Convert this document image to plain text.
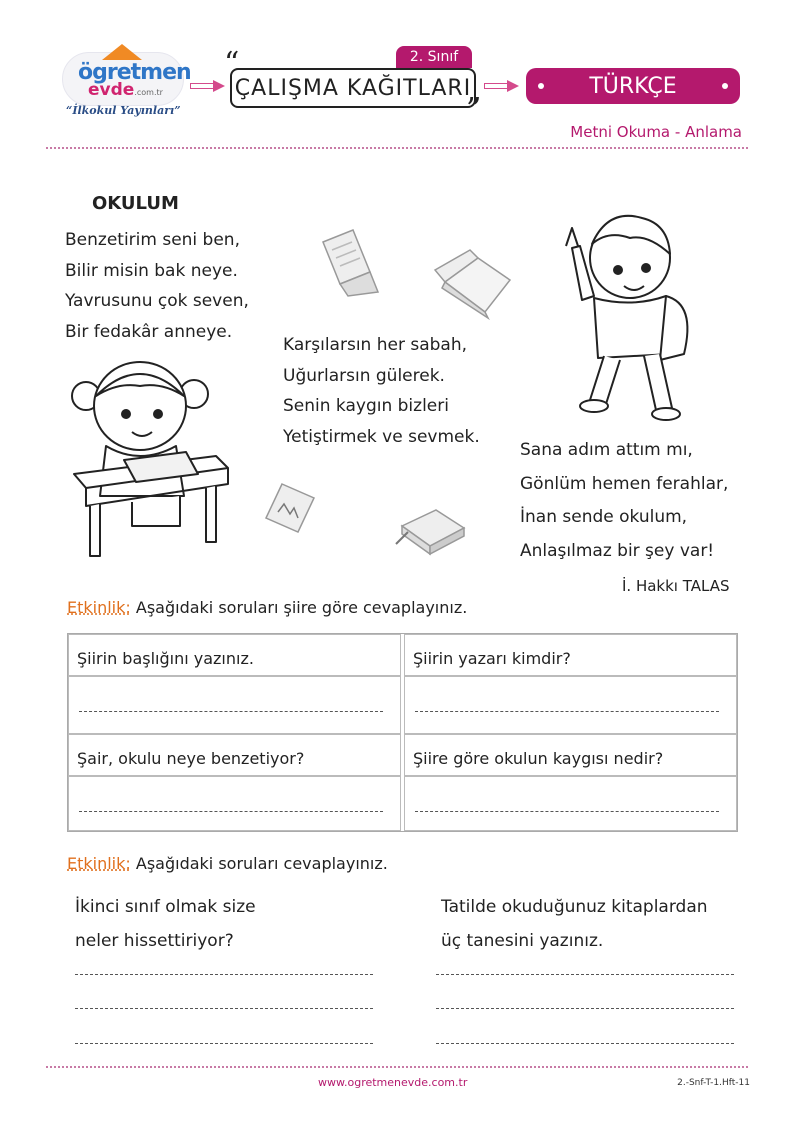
ögretmen
evde.com.tr
“İlkokul Yayınları”
2. Sınıf
“
ÇALIŞMA KAĞITLARI
”
TÜRKÇE
Metni Okuma - Anlama
OKULUM
Benzetirim seni ben,
Bilir misin bak neye.
Yavrusunu çok seven,
Bir fedakâr anneye.
Karşılarsın her sabah,
Uğurlarsın gülerek.
Senin kaygın bizleri
Yetiştirmek ve sevmek.
Sana adım attım mı,
Gönlüm hemen ferahlar,
İnan sende okulum,
Anlaşılmaz bir şey var!
İ. Hakkı TALAS
Etkinlik: Aşağıdaki soruları şiire göre cevaplayınız.
Şiirin başlığını yazınız.	Şiirin yazarı kimdir?
Şair, okulu neye benzetiyor?	Şiire göre okulun kaygısı nedir?
Etkinlik: Aşağıdaki soruları cevaplayınız.
İkinci sınıf olmak size
neler hissettiriyor?
Tatilde okuduğunuz kitaplardan
üç tanesini yazınız.
www.ogretmenevde.com.tr	2.-Snf-T-1.Hft-11
